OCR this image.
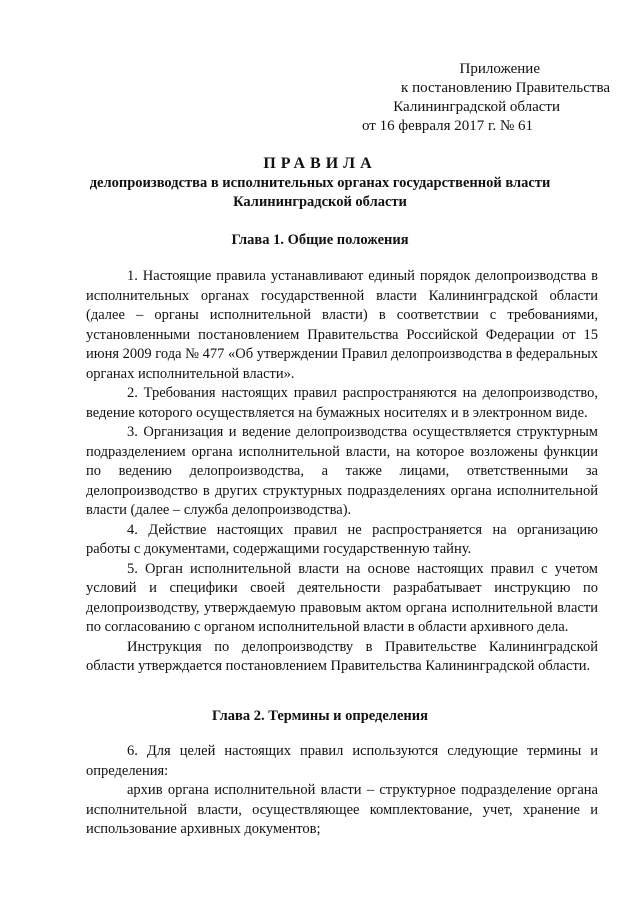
Приложение
к постановлению Правительства
Калининградской области
от 16 февраля 2017 г. № 61
ПРАВИЛА
делопроизводства в исполнительных органах государственной власти
Калининградской области
Глава 1. Общие положения

1. Настоящие правила устанавливают единый порядок делопроизводства в исполнительных органах государственной власти Калининградской области (далее – органы исполнительной власти) в соответствии с требованиями, установленными постановлением Правительства Российской Федерации от 15 июня 2009 года № 477 «Об утверждении Правил делопроизводства в федеральных органах исполнительной власти».

2. Требования настоящих правил распространяются на делопроизводство, ведение которого осуществляется на бумажных носителях и в электронном виде.

3. Организация и ведение делопроизводства осуществляется структурным подразделением органа исполнительной власти, на которое возложены функции по ведению делопроизводства, а также лицами, ответственными за делопроизводство в других структурных подразделениях органа исполнительной власти (далее – служба делопроизводства).

4. Действие настоящих правил не распространяется на организацию работы с документами, содержащими государственную тайну.

5. Орган исполнительной власти на основе настоящих правил с учетом условий и специфики своей деятельности разрабатывает инструкцию по делопроизводству, утверждаемую правовым актом органа исполнительной власти по согласованию с органом исполнительной власти в области архивного дела.

Инструкция по делопроизводству в Правительстве Калининградской области утверждается постановлением Правительства Калининградской области.

Глава 2. Термины и определения

6. Для целей настоящих правил используются следующие термины и определения:

архив органа исполнительной власти – структурное подразделение органа исполнительной власти, осуществляющее комплектование, учет, хранение и использование архивных документов;
